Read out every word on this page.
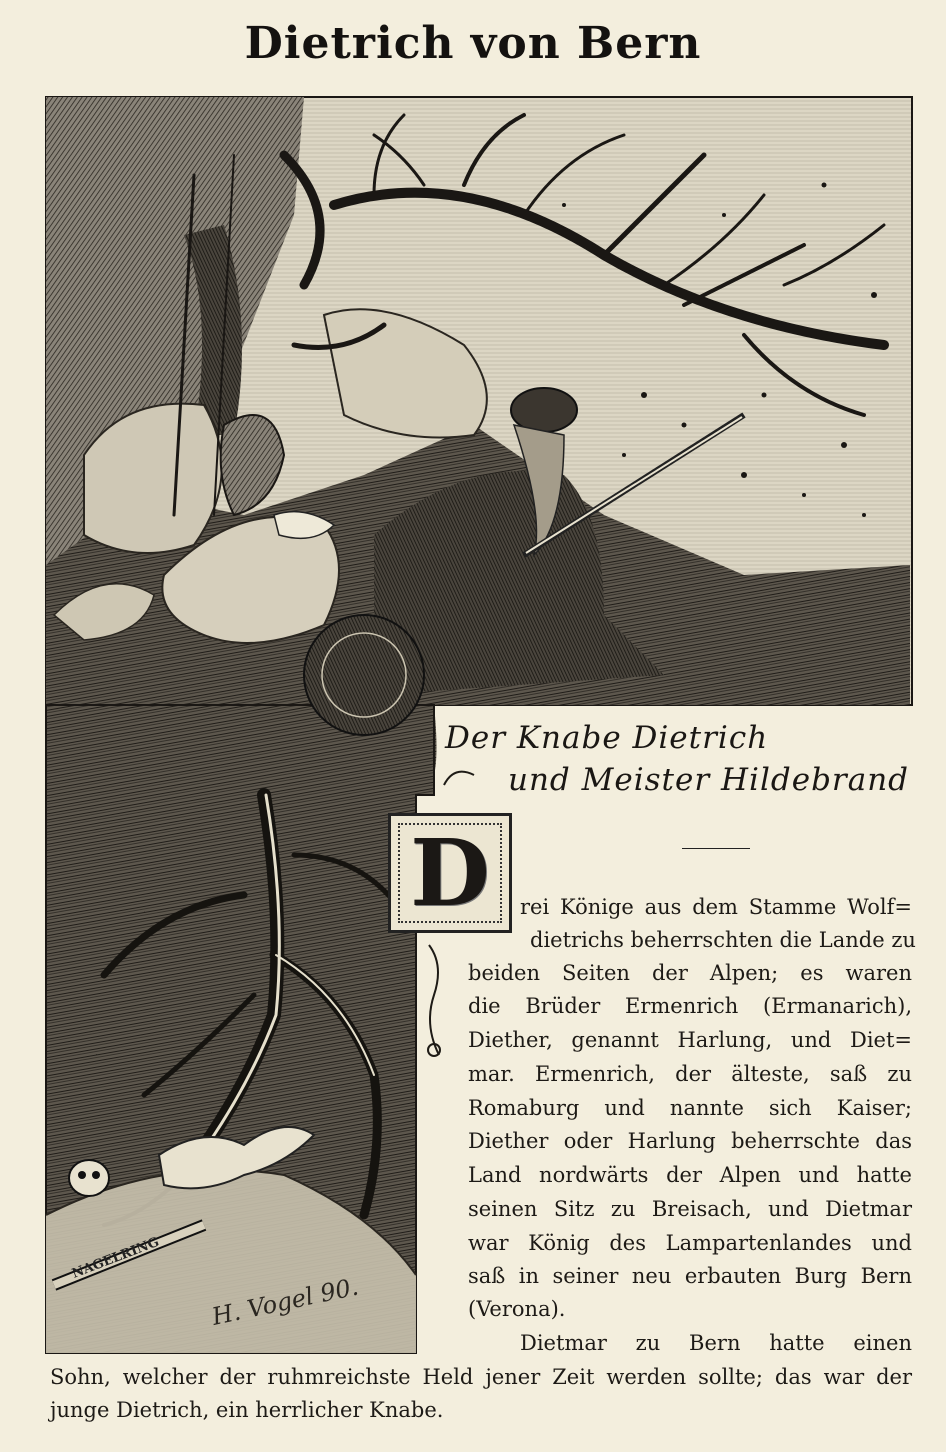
Dietrich von Bern
NAGELRING
H. Vogel 90.
Der Knabe Dietrich
und Meister Hildebrand
D	rei Könige aus dem Stamme Wolf=
dietrichs beherrschten die Lande zu
beiden Seiten der Alpen; es waren
die Brüder Ermenrich (Ermanarich),
Diether, genannt Harlung, und Diet=
mar. Ermenrich, der älteste, saß zu
Romaburg und nannte sich Kaiser;
Diether oder Harlung beherrschte das
Land nordwärts der Alpen und hatte
seinen Sitz zu Breisach, und Dietmar
war König des Lampartenlandes und
saß in seiner neu erbauten Burg Bern
(Verona).
Dietmar zu Bern hatte einen
Sohn, welcher der ruhmreichste Held jener Zeit werden sollte; das war der
junge Dietrich, ein herrlicher Knabe.
